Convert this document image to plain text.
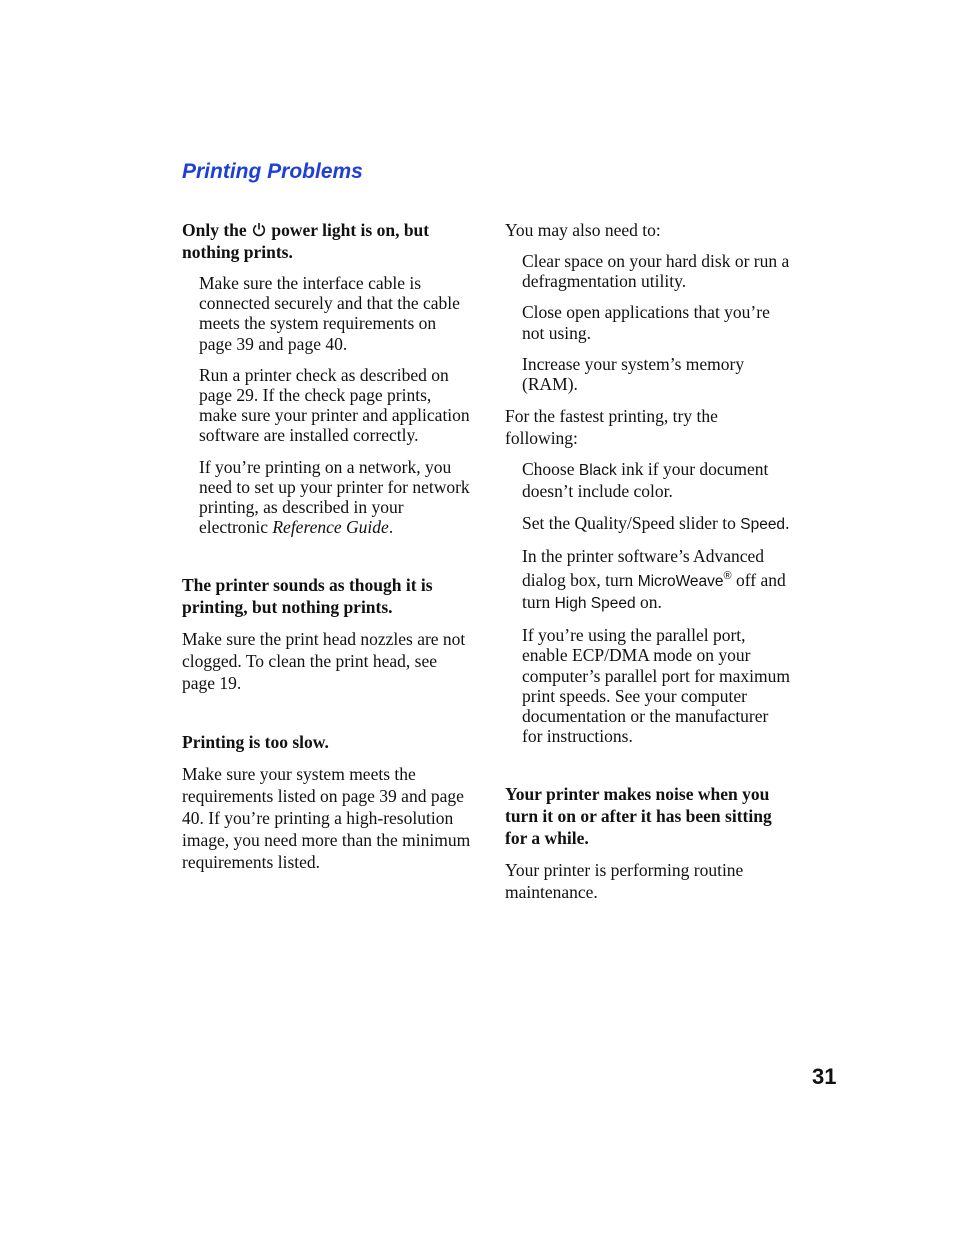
Printing Problems

Only the  power light is on, but nothing prints.

Make sure the interface cable is connected securely and that the cable meets the system requirements on page 39 and page 40.

Run a printer check as described on page 29. If the check page prints, make sure your printer and application software are installed correctly.

If you’re printing on a network, you need to set up your printer for network printing, as described in your electronic Reference Guide.

The printer sounds as though it is printing, but nothing prints.

Make sure the print head nozzles are not clogged. To clean the print head, see page 19.

Printing is too slow.

Make sure your system meets the requirements listed on page 39 and page 40. If you’re printing a high-resolution image, you need more than the minimum requirements listed.

You may also need to:

Clear space on your hard disk or run a defragmentation utility.

Close open applications that you’re not using.

Increase your system’s memory (RAM).

For the fastest printing, try the following:

Choose Black ink if your document doesn’t include color.

Set the Quality/Speed slider to Speed.

In the printer software’s Advanced dialog box, turn MicroWeave® off and turn High Speed on.

If you’re using the parallel port, enable ECP/DMA mode on your computer’s parallel port for maximum print speeds. See your computer documentation or the manufacturer for instructions.

Your printer makes noise when you turn it on or after it has been sitting for a while.

Your printer is performing routine maintenance.

31
